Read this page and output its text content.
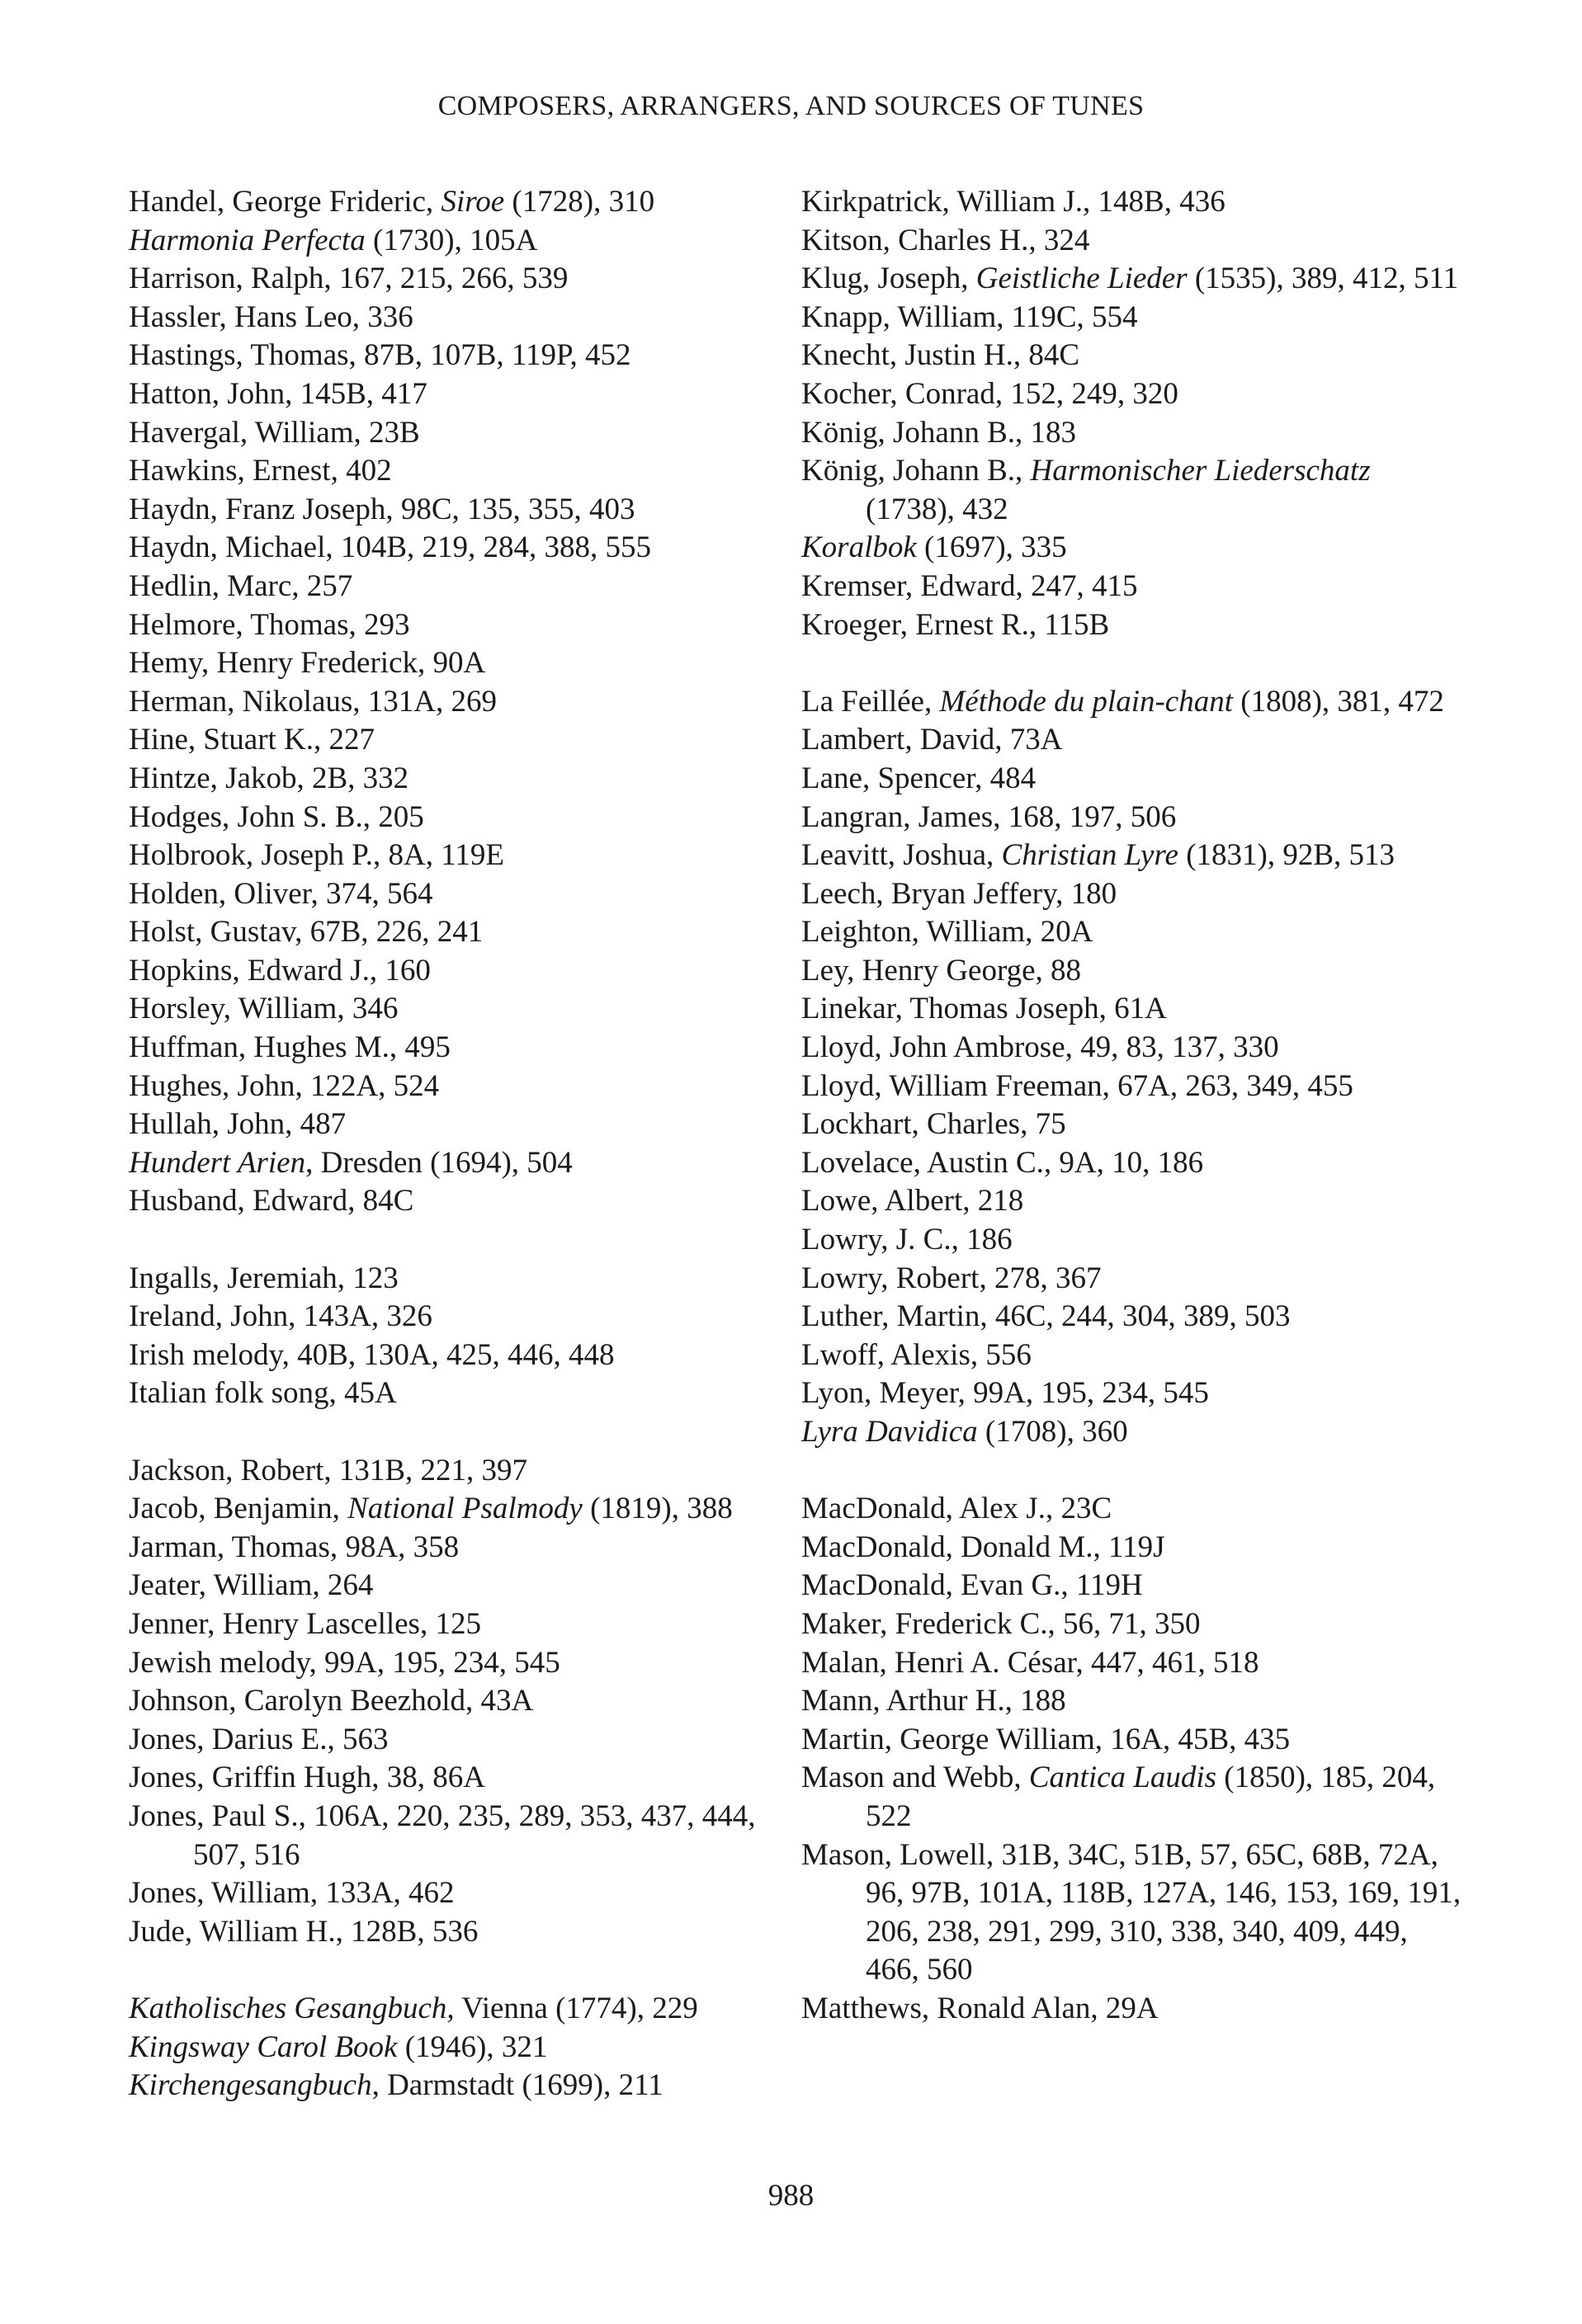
COMPOSERS, ARRANGERS, AND SOURCES OF TUNES
Handel, George Frideric, Siroe (1728), 310
Harmonia Perfecta (1730), 105A
Harrison, Ralph, 167, 215, 266, 539
Hassler, Hans Leo, 336
Hastings, Thomas, 87B, 107B, 119P, 452
Hatton, John, 145B, 417
Havergal, William, 23B
Hawkins, Ernest, 402
Haydn, Franz Joseph, 98C, 135, 355, 403
Haydn, Michael, 104B, 219, 284, 388, 555
Hedlin, Marc, 257
Helmore, Thomas, 293
Hemy, Henry Frederick, 90A
Herman, Nikolaus, 131A, 269
Hine, Stuart K., 227
Hintze, Jakob, 2B, 332
Hodges, John S. B., 205
Holbrook, Joseph P., 8A, 119E
Holden, Oliver, 374, 564
Holst, Gustav, 67B, 226, 241
Hopkins, Edward J., 160
Horsley, William, 346
Huffman, Hughes M., 495
Hughes, John, 122A, 524
Hullah, John, 487
Hundert Arien, Dresden (1694), 504
Husband, Edward, 84C
Ingalls, Jeremiah, 123
Ireland, John, 143A, 326
Irish melody, 40B, 130A, 425, 446, 448
Italian folk song, 45A
Jackson, Robert, 131B, 221, 397
Jacob, Benjamin, National Psalmody (1819), 388
Jarman, Thomas, 98A, 358
Jeater, William, 264
Jenner, Henry Lascelles, 125
Jewish melody, 99A, 195, 234, 545
Johnson, Carolyn Beezhold, 43A
Jones, Darius E., 563
Jones, Griffin Hugh, 38, 86A
Jones, Paul S., 106A, 220, 235, 289, 353, 437, 444, 507, 516
Jones, William, 133A, 462
Jude, William H., 128B, 536
Katholisches Gesangbuch, Vienna (1774), 229
Kingsway Carol Book (1946), 321
Kirchengesangbuch, Darmstadt (1699), 211
Kirkpatrick, William J., 148B, 436
Kitson, Charles H., 324
Klug, Joseph, Geistliche Lieder (1535), 389, 412, 511
Knapp, William, 119C, 554
Knecht, Justin H., 84C
Kocher, Conrad, 152, 249, 320
König, Johann B., 183
König, Johann B., Harmonischer Liederschatz (1738), 432
Koralbok (1697), 335
Kremser, Edward, 247, 415
Kroeger, Ernest R., 115B
La Feillée, Méthode du plain-chant (1808), 381, 472
Lambert, David, 73A
Lane, Spencer, 484
Langran, James, 168, 197, 506
Leavitt, Joshua, Christian Lyre (1831), 92B, 513
Leech, Bryan Jeffery, 180
Leighton, William, 20A
Ley, Henry George, 88
Linekar, Thomas Joseph, 61A
Lloyd, John Ambrose, 49, 83, 137, 330
Lloyd, William Freeman, 67A, 263, 349, 455
Lockhart, Charles, 75
Lovelace, Austin C., 9A, 10, 186
Lowe, Albert, 218
Lowry, J. C., 186
Lowry, Robert, 278, 367
Luther, Martin, 46C, 244, 304, 389, 503
Lwoff, Alexis, 556
Lyon, Meyer, 99A, 195, 234, 545
Lyra Davidica (1708), 360
MacDonald, Alex J., 23C
MacDonald, Donald M., 119J
MacDonald, Evan G., 119H
Maker, Frederick C., 56, 71, 350
Malan, Henri A. César, 447, 461, 518
Mann, Arthur H., 188
Martin, George William, 16A, 45B, 435
Mason and Webb, Cantica Laudis (1850), 185, 204, 522
Mason, Lowell, 31B, 34C, 51B, 57, 65C, 68B, 72A, 96, 97B, 101A, 118B, 127A, 146, 153, 169, 191, 206, 238, 291, 299, 310, 338, 340, 409, 449, 466, 560
Matthews, Ronald Alan, 29A
988
